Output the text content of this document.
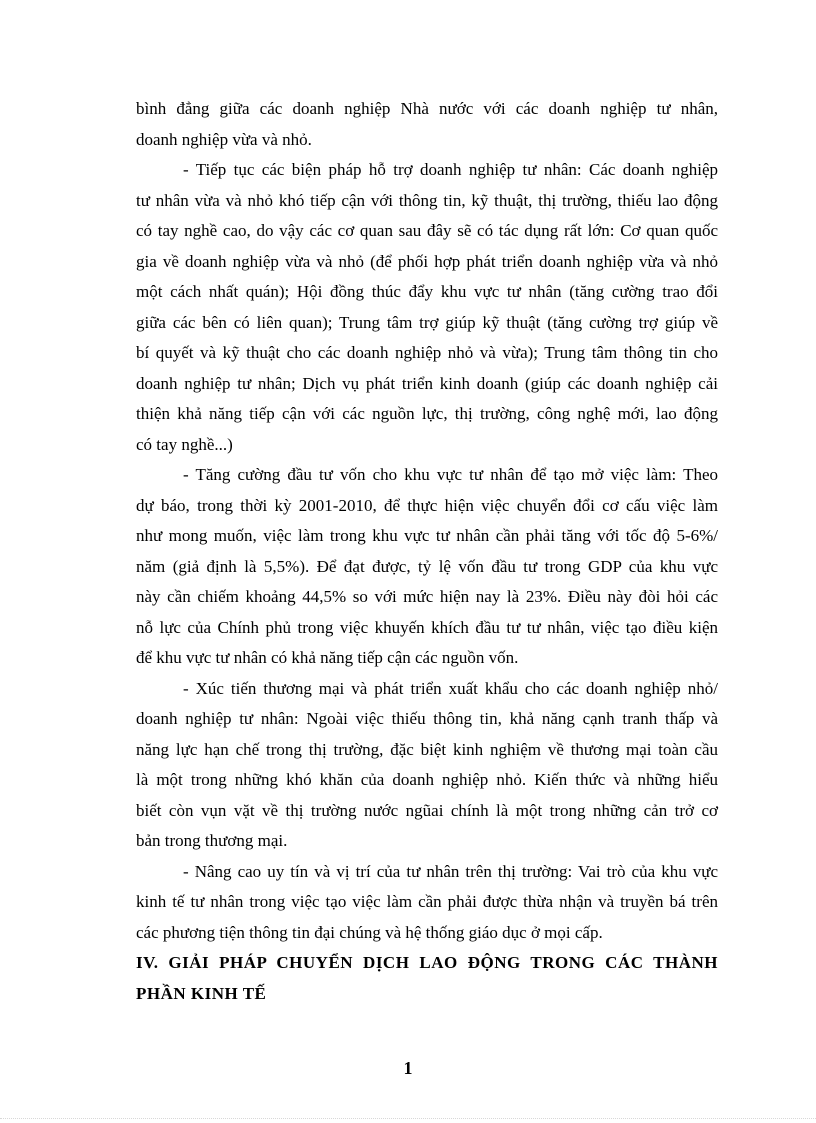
bình đẳng giữa các doanh nghiệp Nhà nước với các doanh nghiệp tư nhân,
doanh nghiệp vừa và nhỏ.

- Tiếp tục các biện pháp hỗ trợ doanh nghiệp tư nhân: Các doanh nghiệp
tư nhân vừa và nhỏ khó tiếp cận với thông tin, kỹ thuật, thị trường, thiếu lao động
có tay nghề cao, do vậy các cơ quan sau đây sẽ có tác dụng rất lớn: Cơ quan quốc
gia về doanh nghiệp vừa và nhỏ (để phối hợp phát triển doanh nghiệp vừa và nhỏ
một cách nhất quán); Hội đồng thúc đẩy khu vực tư nhân (tăng cường trao đổi
giữa các bên có liên quan); Trung tâm trợ giúp kỹ thuật (tăng cường trợ giúp về
bí quyết và kỹ thuật cho các doanh nghiệp nhỏ và vừa); Trung tâm thông tin cho
doanh nghiệp tư nhân; Dịch vụ phát triển kinh doanh (giúp các doanh nghiệp cải
thiện khả năng tiếp cận với các nguồn lực, thị trường, công nghệ mới, lao động
có tay nghề...)

- Tăng cường đầu tư vốn cho khu vực tư nhân để tạo mở việc làm: Theo
dự báo, trong thời kỳ 2001-2010, để thực hiện việc chuyển đổi cơ cấu việc làm
như mong muốn, việc làm trong khu vực tư nhân cần phải tăng với tốc độ 5-6%/
năm (giả định là 5,5%). Để đạt được, tỷ lệ vốn đầu tư trong GDP của khu vực
này cần chiếm khoảng 44,5% so với mức hiện nay là 23%. Điều này đòi hỏi các
nỗ lực của Chính phủ trong việc khuyến khích đầu tư tư nhân, việc tạo điều kiện
để khu vực tư nhân có khả năng tiếp cận các nguồn vốn.

- Xúc tiến thương mại và phát triển xuất khẩu cho các doanh nghiệp nhỏ/
doanh nghiệp tư nhân: Ngoài việc thiếu thông tin, khả năng cạnh tranh thấp và
năng lực hạn chế trong thị trường, đặc biệt kinh nghiệm về thương mại toàn cầu
là một trong những khó khăn của doanh nghiệp nhỏ. Kiến thức và những hiểu
biết còn vụn vặt về thị trường nước ngũai chính là một trong những cản trở cơ
bản trong thương mại.

- Nâng cao uy tín và vị trí của tư nhân trên thị trường: Vai trò của khu vực
kinh tế tư nhân trong việc tạo việc làm cần phải được thừa nhận và truyền bá trên
các phương tiện thông tin đại chúng và hệ thống giáo dục ở mọi cấp.

IV. GIẢI PHÁP CHUYỂN DỊCH LAO ĐỘNG TRONG CÁC THÀNH
PHẦN KINH TẾ
1
